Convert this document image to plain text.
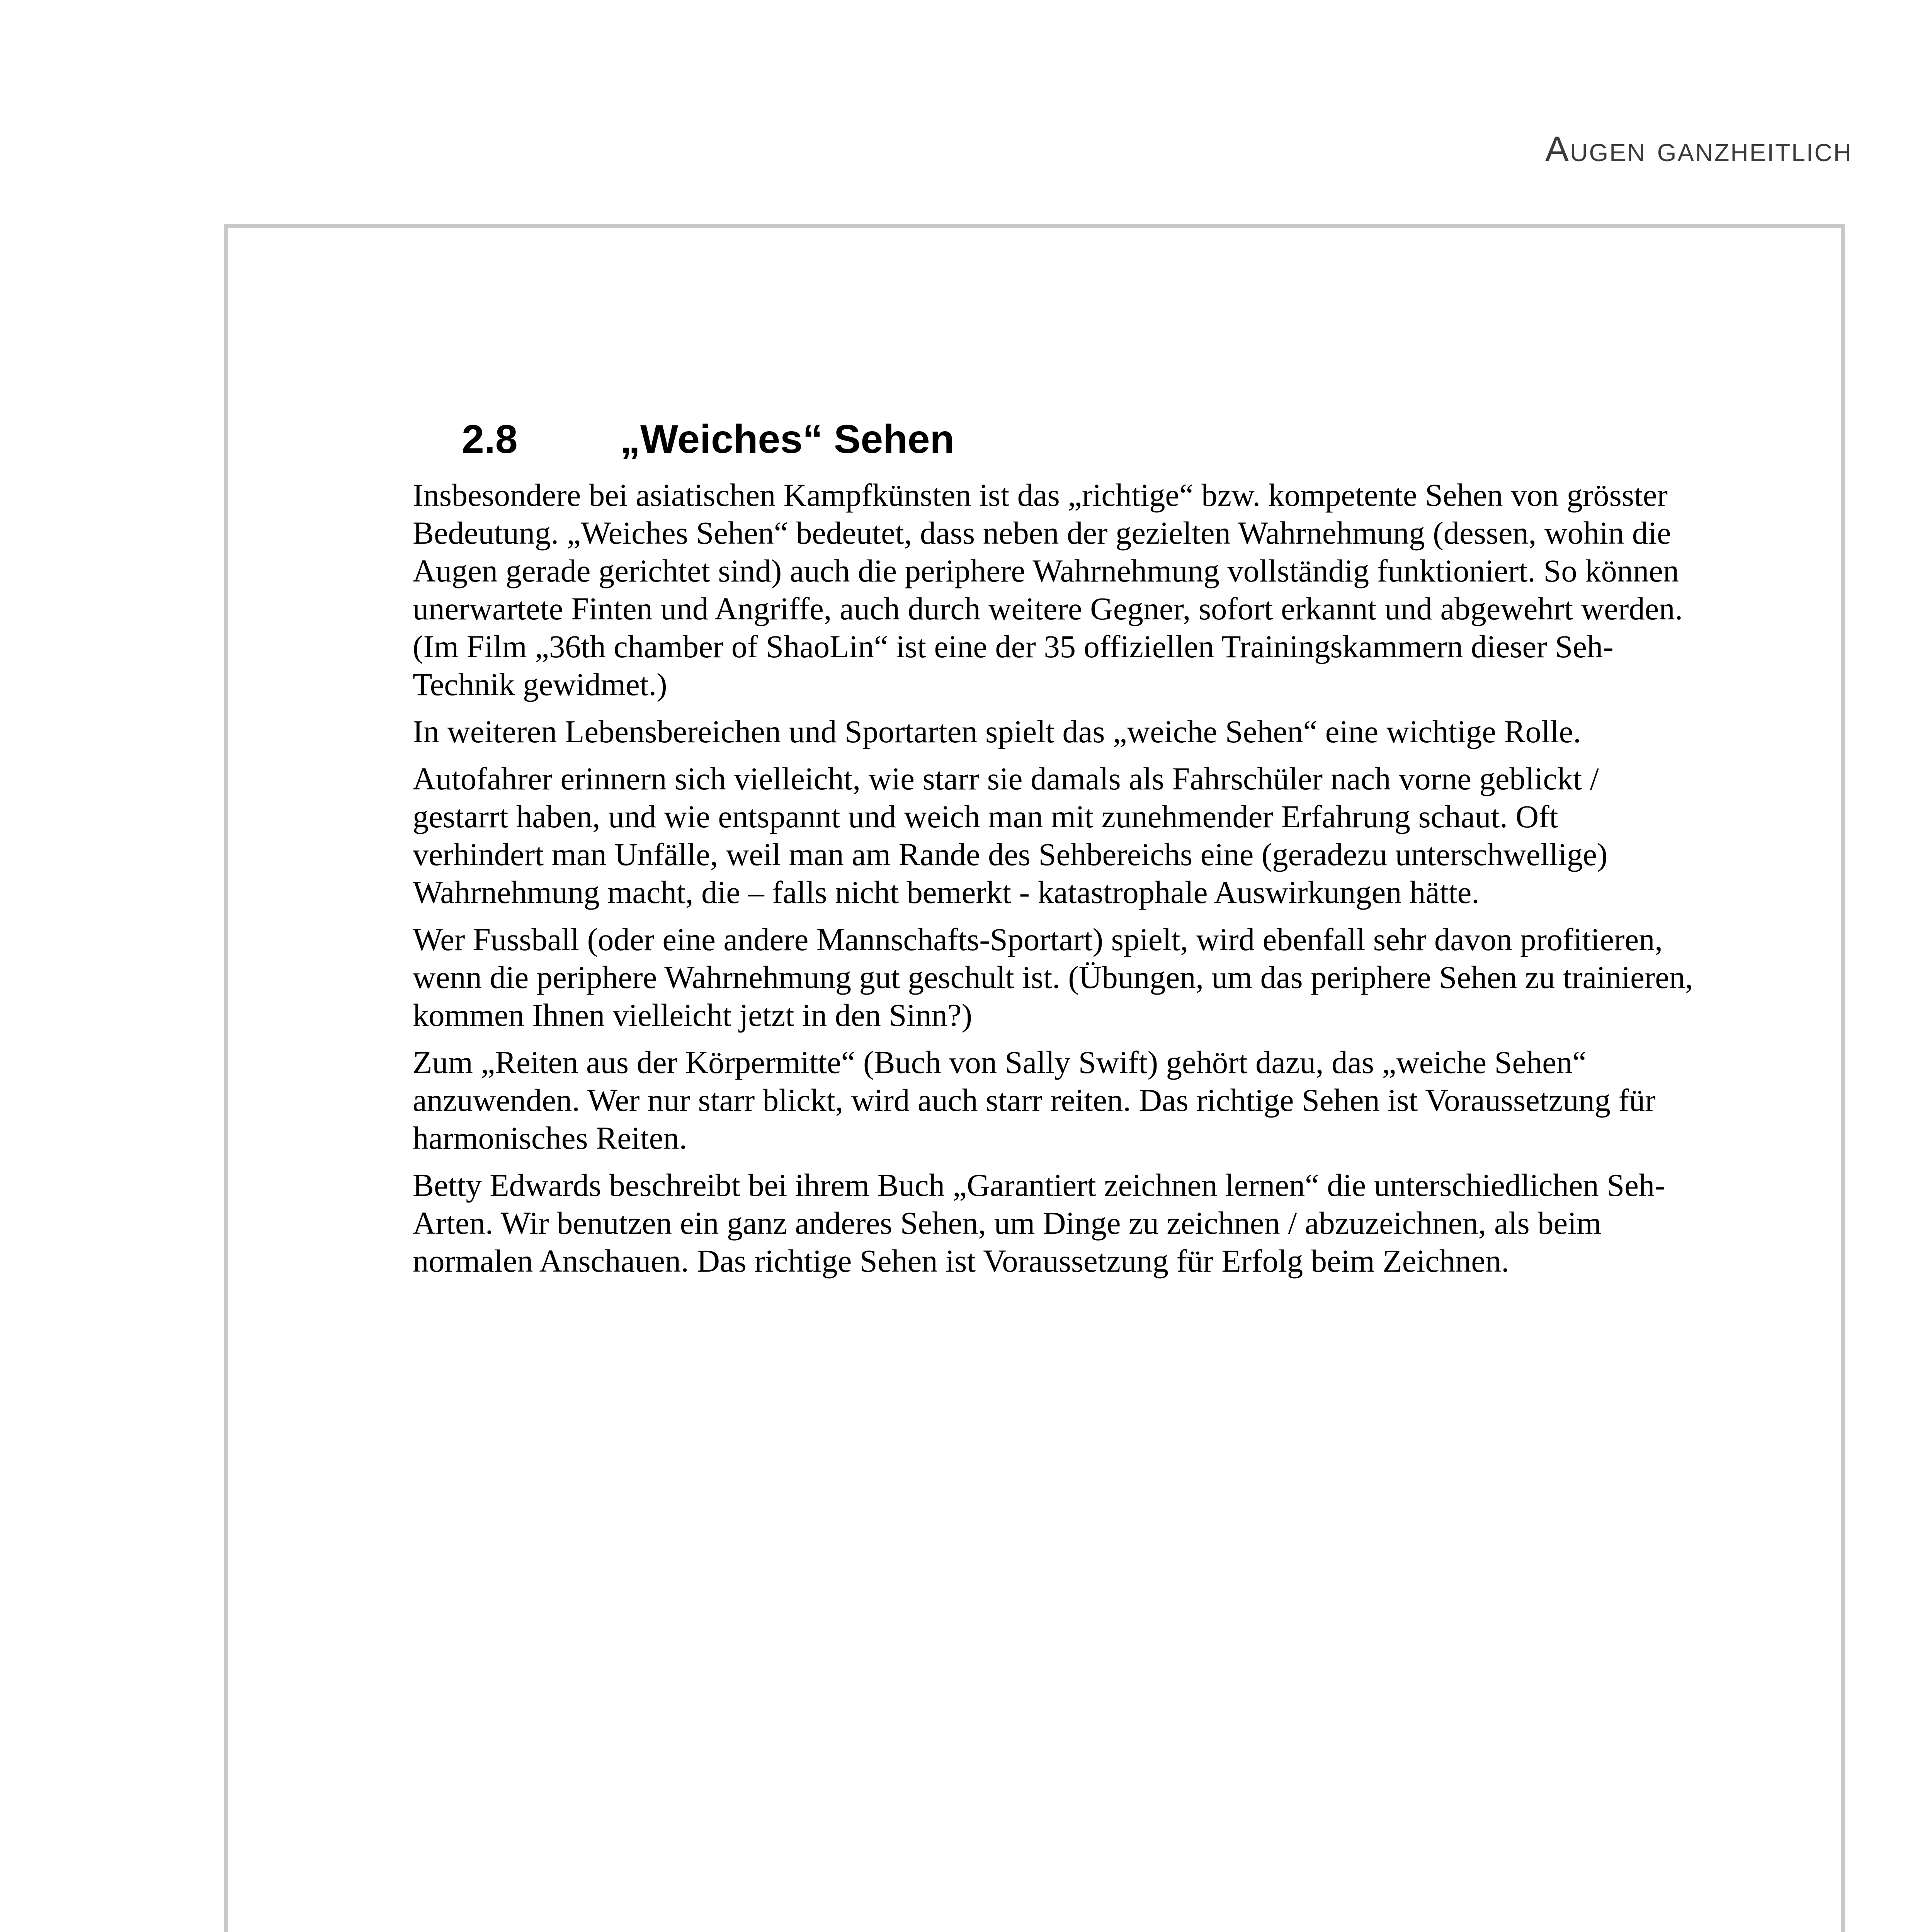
Augen ganzheitlich
2.8	„Weiches“ Sehen

Insbesondere bei asiatischen Kampfkünsten ist das „richtige“ bzw. kompetente Sehen von grösster Bedeutung. „Weiches Sehen“ bedeutet, dass neben der gezielten Wahrnehmung (dessen, wohin die Augen gerade gerichtet sind) auch die periphere Wahrnehmung vollständig funktioniert. So können unerwartete Finten und Angriffe, auch durch weitere Gegner, sofort erkannt und abgewehrt werden. (Im Film „36th chamber of ShaoLin“ ist eine der 35 offiziellen Trainingskammern dieser Seh-Technik gewidmet.)

In weiteren Lebensbereichen und Sportarten spielt das „weiche Sehen“ eine wichtige Rolle.

Autofahrer erinnern sich vielleicht, wie starr sie damals als Fahrschüler nach vorne geblickt / gestarrt haben, und wie entspannt und weich man mit zunehmender Erfahrung schaut. Oft verhindert man Unfälle, weil man am Rande des Sehbereichs eine (geradezu unterschwellige) Wahrnehmung macht, die – falls nicht bemerkt - katastrophale Auswirkungen hätte.

Wer Fussball (oder eine andere Mannschafts-Sportart) spielt, wird ebenfall sehr davon profitieren, wenn die periphere Wahrnehmung gut geschult ist. (Übungen, um das periphere Sehen zu trainieren, kommen Ihnen vielleicht jetzt in den Sinn?)

Zum „Reiten aus der Körpermitte“ (Buch von Sally Swift) gehört dazu, das „weiche Sehen“ anzuwenden. Wer nur starr blickt, wird auch starr reiten. Das richtige Sehen ist Voraussetzung für harmonisches Reiten.

Betty Edwards beschreibt bei ihrem Buch „Garantiert zeichnen lernen“ die unterschiedlichen Seh-Arten. Wir benutzen ein ganz anderes Sehen, um Dinge zu zeichnen / abzuzeichnen, als beim normalen Anschauen. Das richtige Sehen ist Voraussetzung für Erfolg beim Zeichnen.
